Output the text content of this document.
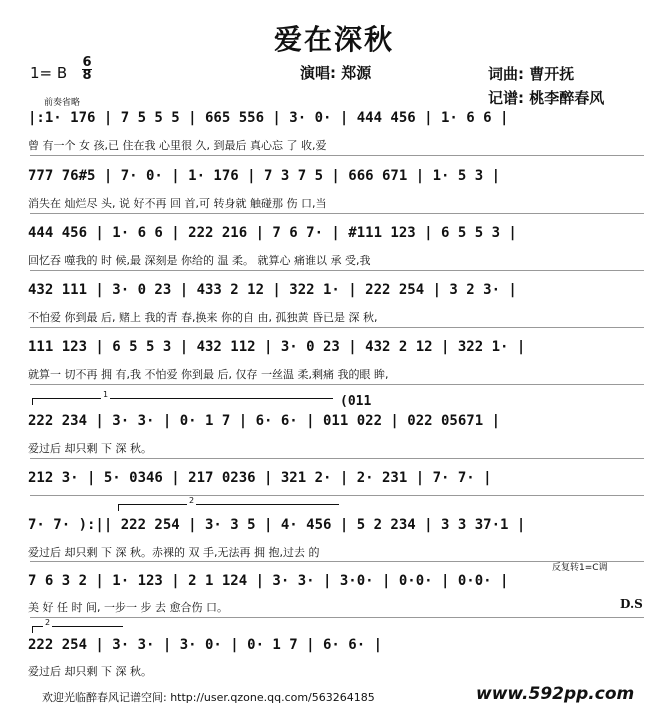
爱在深秋
1= B
6
8	演唱: 郑源	词曲: 曹开抚
记谱: 桃李醉春风
前奏省略
|:1· 176 | 7 5 5 5 | 665 556 | 3· 0· | 444 456 | 1· 6 6 |
曾 有一个 女 孩,已 住在我 心里很 久, 到最后 真心忘 了 收,爱
777 76#5 | 7· 0· | 1· 176 | 7 3 7 5 | 666 671 | 1· 5 3 |
消失在 灿烂尽 头, 说 好不再 回 首,可 转身就 触碰那 伤 口,当
444 456 | 1· 6 6 | 222 216 | 7 6 7· | #111 123 | 6 5 5 3 |
回忆吞 噬我的 时 候,最 深刻是 你给的 温 柔。 就算心 痛谁以 承 受,我
432 111 | 3· 0 23 | 433 2 12 | 322 1· | 222 254 | 3 2 3· |
不怕爱 你到最 后, 赌上 我的青 春,换来 你的自 由, 孤独黄 昏已是 深 秋,
111 123 | 6 5 5 3 | 432 112 | 3· 0 23 | 432 2 12 | 322 1· |
就算一 切不再 拥 有,我 不怕爱 你到最 后, 仅存 一丝温 柔,剩痛 我的眼 眸,
1	(011
222 234 | 3· 3· | 0· 1 7 | 6· 6· | 011 022 | 022 05671 |
爱过后 却只剩 下 深 秋。
212 3· | 5· 0346 | 217 0236 | 321 2· | 2· 231 | 7· 7· |
2
7· 7· ):|| 222 254 | 3· 3 5 | 4· 456 | 5 2 234 | 3 3 37·1 |
爱过后 却只剩 下 深 秋。赤裸的 双 手,无法再 拥 抱,过去 的
反复转1=C调
7 6 3 2 | 1· 123 | 2 1 124 | 3· 3· | 3·0· | 0·0· | 0·0· |
美 好 任 时 间, 一步一 步 去 愈合伤 口。	D.S
2
222 254 | 3· 3· | 3· 0· | 0· 1 7 | 6· 6· |
爱过后 却只剩 下 深 秋。
欢迎光临醉春风记谱空间: http://user.qzone.qq.com/563264185	www.592pp.com
